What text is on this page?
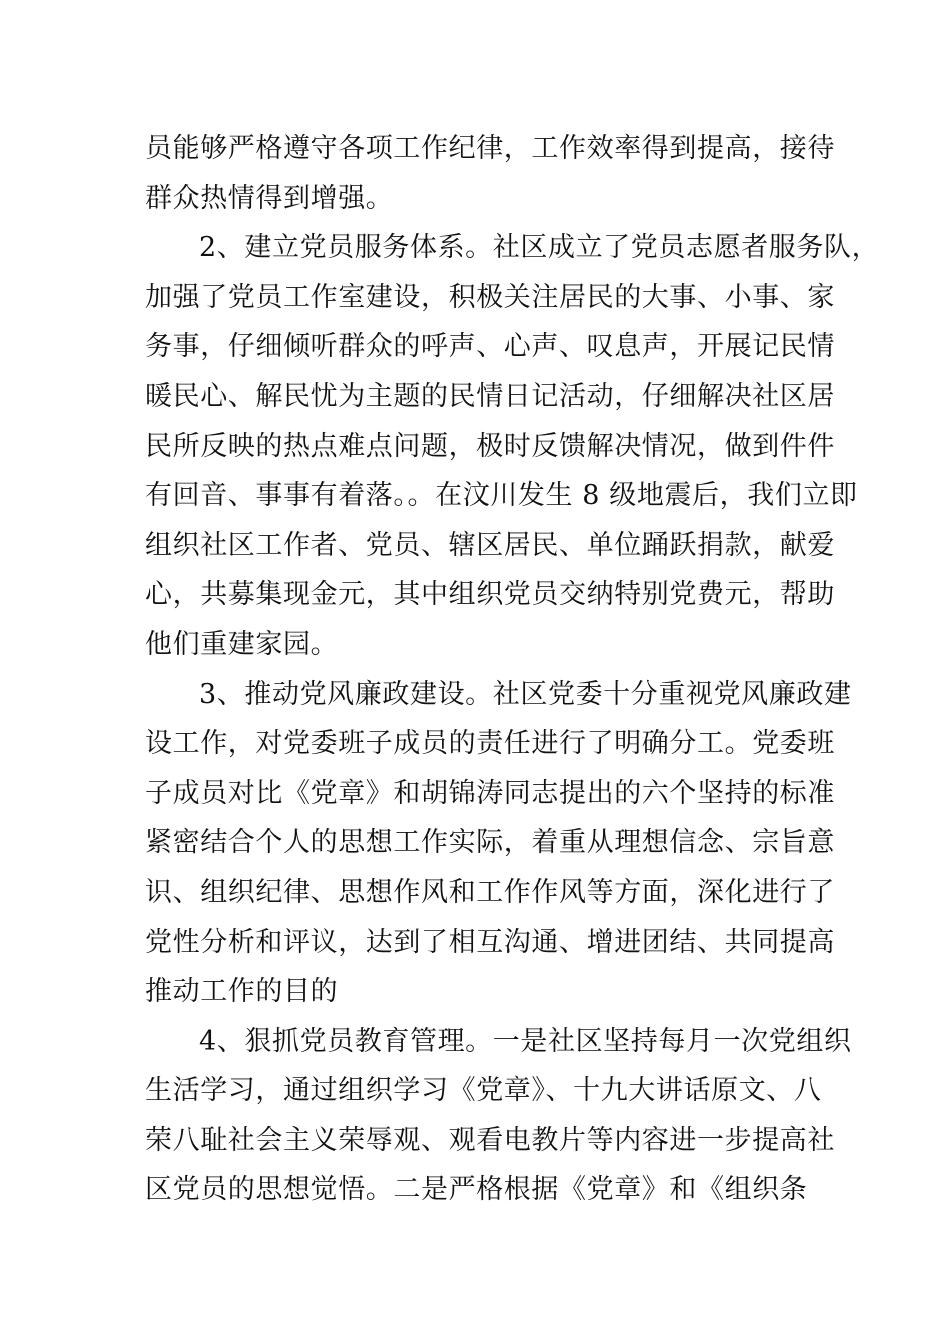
员能够严格遵守各项工作纪律，工作效率得到提高，接待
群众热情得到增强。
2、建立党员服务体系。社区成立了党员志愿者服务队，
加强了党员工作室建设，积极关注居民的大事、小事、家
务事，仔细倾听群众的呼声、心声、叹息声，开展记民情
暖民心、解民忧为主题的民情日记活动，仔细解决社区居
民所反映的热点难点问题，极时反馈解决情况，做到件件
有回音、事事有着落。。在汶川发生 8 级地震后，我们立即
组织社区工作者、党员、辖区居民、单位踊跃捐款，献爱
心，共募集现金元，其中组织党员交纳特别党费元，帮助
他们重建家园。
3、推动党风廉政建设。社区党委十分重视党风廉政建
设工作，对党委班子成员的责任进行了明确分工。党委班
子成员对比《党章》和胡锦涛同志提出的六个坚持的标准
紧密结合个人的思想工作实际，着重从理想信念、宗旨意
识、组织纪律、思想作风和工作作风等方面，深化进行了
党性分析和评议，达到了相互沟通、增进团结、共同提高
推动工作的目的
4、狠抓党员教育管理。一是社区坚持每月一次党组织
生活学习，通过组织学习《党章》、十九大讲话原文、八
荣八耻社会主义荣辱观、观看电教片等内容进一步提高社
区党员的思想觉悟。二是严格根据《党章》和《组织条
